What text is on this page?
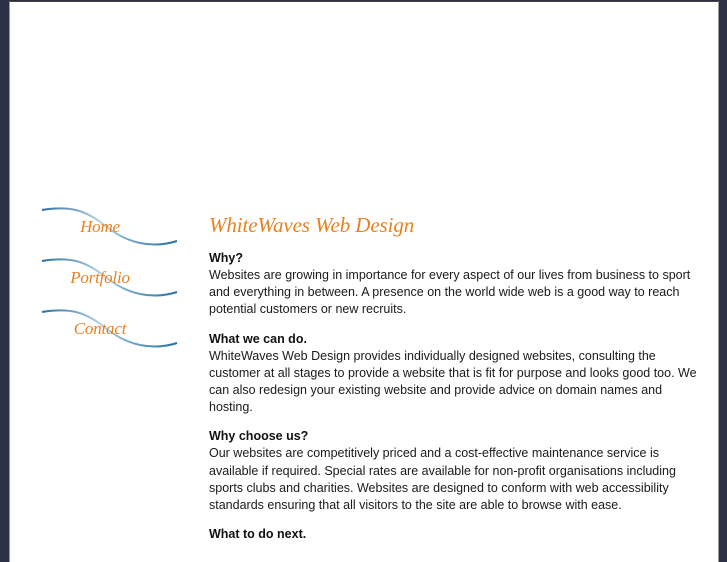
Home
Portfolio
Contact
WhiteWaves Web Design
Why?

Websites are growing in importance for every aspect of our lives from business to sport and everything in between. A presence on the world wide web is a good way to reach potential customers or new recruits.

What we can do.

WhiteWaves Web Design provides individually designed websites, consulting the customer at all stages to provide a website that is fit for purpose and looks good too. We can also redesign your existing website and provide advice on domain names and hosting.

Why choose us?

Our websites are competitively priced and a cost-effective maintenance service is available if required. Special rates are available for non-profit organisations including sports clubs and charities. Websites are designed to conform with web accessibility standards ensuring that all visitors to the site are able to browse with ease.

What to do next.
